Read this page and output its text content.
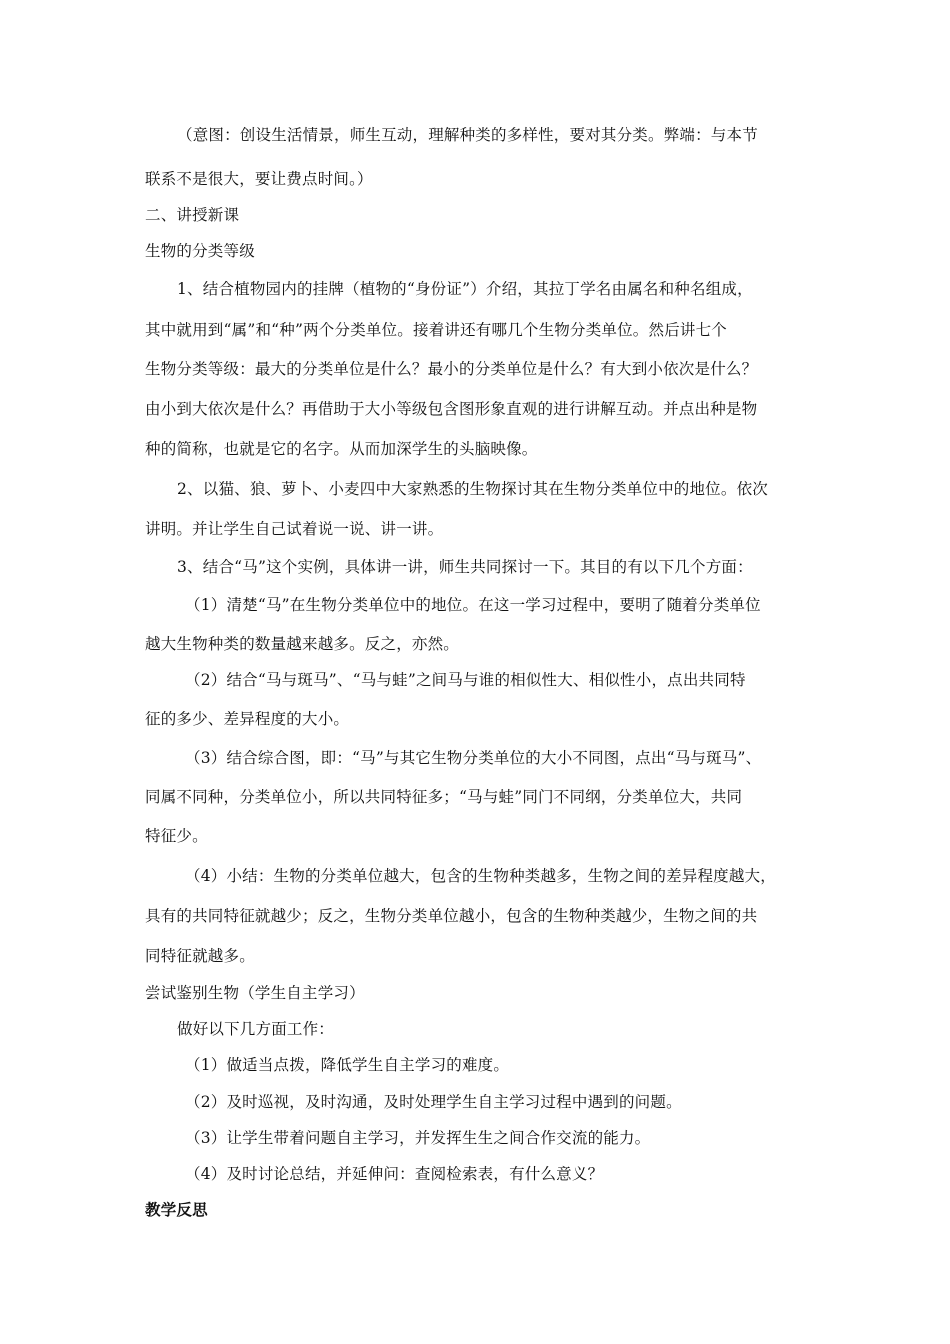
（意图：创设生活情景，师生互动，理解种类的多样性，要对其分类。弊端：与本节
联系不是很大，要让费点时间。）
二、讲授新课
生物的分类等级
1、结合植物园内的挂牌（植物的“身份证”）介绍，其拉丁学名由属名和种名组成，
其中就用到“属”和“种”两个分类单位。接着讲还有哪几个生物分类单位。然后讲七个
生物分类等级：最大的分类单位是什么？最小的分类单位是什么？有大到小依次是什么？
由小到大依次是什么？再借助于大小等级包含图形象直观的进行讲解互动。并点出种是物
种的简称，也就是它的名字。从而加深学生的头脑映像。
2、以猫、狼、萝卜、小麦四中大家熟悉的生物探讨其在生物分类单位中的地位。依次
讲明。并让学生自己试着说一说、讲一讲。
3、结合“马”这个实例，具体讲一讲，师生共同探讨一下。其目的有以下几个方面：
（1）清楚“马”在生物分类单位中的地位。在这一学习过程中，要明了随着分类单位
越大生物种类的数量越来越多。反之，亦然。
（2）结合“马与斑马”、“马与蛙”之间马与谁的相似性大、相似性小，点出共同特
征的多少、差异程度的大小。
（3）结合综合图，即：“马”与其它生物分类单位的大小不同图，点出“马与斑马”、
同属不同种，分类单位小，所以共同特征多；“马与蛙”同门不同纲，分类单位大，共同
特征少。
（4）小结：生物的分类单位越大，包含的生物种类越多，生物之间的差异程度越大，
具有的共同特征就越少；反之，生物分类单位越小，包含的生物种类越少，生物之间的共
同特征就越多。
尝试鉴别生物（学生自主学习）
做好以下几方面工作：
（1）做适当点拨，降低学生自主学习的难度。
（2）及时巡视，及时沟通，及时处理学生自主学习过程中遇到的问题。
（3）让学生带着问题自主学习，并发挥生生之间合作交流的能力。
（4）及时讨论总结，并延伸问：查阅检索表，有什么意义？
教学反思
